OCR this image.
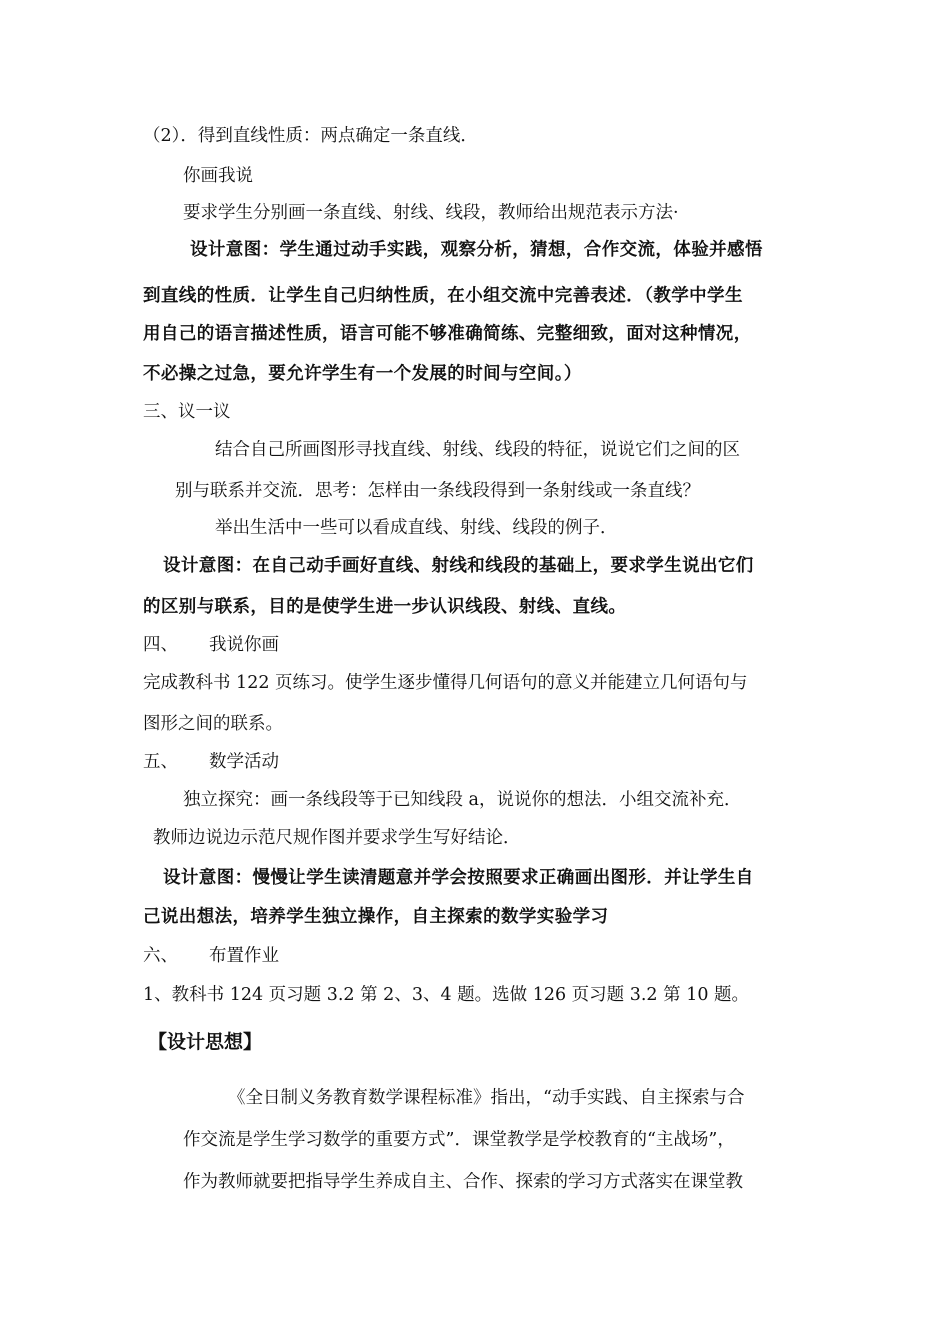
（2）．得到直线性质：两点确定一条直线．
你画我说
要求学生分别画一条直线、射线、线段，教师给出规范表示方法·
设计意图：学生通过动手实践，观察分析，猜想，合作交流，体验并感悟
到直线的性质．让学生自己归纳性质，在小组交流中完善表述．（教学中学生
用自己的语言描述性质，语言可能不够准确简练、完整细致，面对这种情况，
不必操之过急，要允许学生有一个发展的时间与空间。）
三、议一议
结合自己所画图形寻找直线、射线、线段的特征，说说它们之间的区
别与联系并交流．思考：怎样由一条线段得到一条射线或一条直线？
举出生活中一些可以看成直线、射线、线段的例子．
设计意图：在自己动手画好直线、射线和线段的基础上，要求学生说出它们
的区别与联系，目的是使学生进一步认识线段、射线、直线。
四、 我说你画
完成教科书 122 页练习。使学生逐步懂得几何语句的意义并能建立几何语句与
图形之间的联系。
五、 数学活动
独立探究：画一条线段等于已知线段 a，说说你的想法．小组交流补充．
教师边说边示范尺规作图并要求学生写好结论．
设计意图：慢慢让学生读清题意并学会按照要求正确画出图形．并让学生自
己说出想法，培养学生独立操作，自主探索的数学实验学习
六、 布置作业
1、教科书 124 页习题 3.2 第 2、3、4 题。选做 126 页习题 3.2 第 10 题。
【设计思想】
《全日制义务教育数学课程标准》指出，“动手实践、自主探索与合
作交流是学生学习数学的重要方式”．课堂教学是学校教育的“主战场”，
作为教师就要把指导学生养成自主、合作、探索的学习方式落实在课堂教
